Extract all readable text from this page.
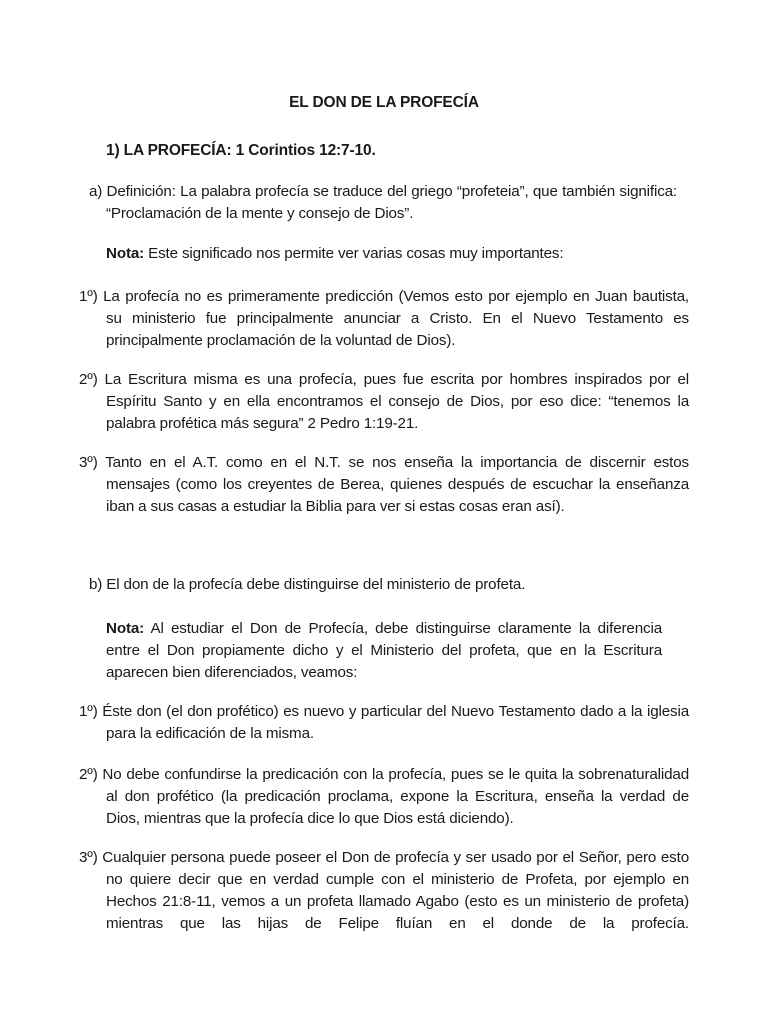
EL DON DE LA PROFECÍA
1) LA PROFECÍA: 1 Corintios 12:7-10.
a) Definición: La palabra profecía se traduce del griego “profeteia”, que también significa: “Proclamación de la mente y consejo de Dios”.
Nota: Este significado nos permite ver varias cosas muy importantes:
1º) La profecía no es primeramente predicción (Vemos esto por ejemplo en Juan bautista, su ministerio fue principalmente anunciar a Cristo. En el Nuevo Testamento es principalmente proclamación de la voluntad de Dios).
2º) La Escritura misma es una profecía, pues fue escrita por hombres inspirados por el Espíritu Santo y en ella encontramos el consejo de Dios, por eso dice: “tenemos la palabra profética más segura” 2 Pedro 1:19-21.
3º) Tanto en el A.T. como en el N.T. se nos enseña la importancia de discernir estos mensajes (como los creyentes de Berea, quienes después de escuchar la enseñanza iban a sus casas a estudiar la Biblia para ver si estas cosas eran así).
b) El don de la profecía debe distinguirse del ministerio de profeta.
Nota: Al estudiar el Don de Profecía, debe distinguirse claramente la diferencia entre el Don propiamente dicho y el Ministerio del profeta, que en la Escritura aparecen bien diferenciados, veamos:
1º) Éste don (el don profético) es nuevo y particular del Nuevo Testamento dado a la iglesia para la edificación de la misma.
2º) No debe confundirse la predicación con la profecía, pues se le quita la sobrenaturalidad al don profético (la predicación proclama, expone la Escritura, enseña la verdad de Dios, mientras que la profecía dice lo que Dios está diciendo).
3º) Cualquier persona puede poseer el Don de profecía y ser usado por el Señor, pero esto no quiere decir que en verdad cumple con el ministerio de Profeta, por ejemplo en Hechos 21:8-11, vemos a un profeta llamado Agabo (esto es un ministerio de profeta) mientras que las hijas de Felipe fluían en el donde de la profecía.
